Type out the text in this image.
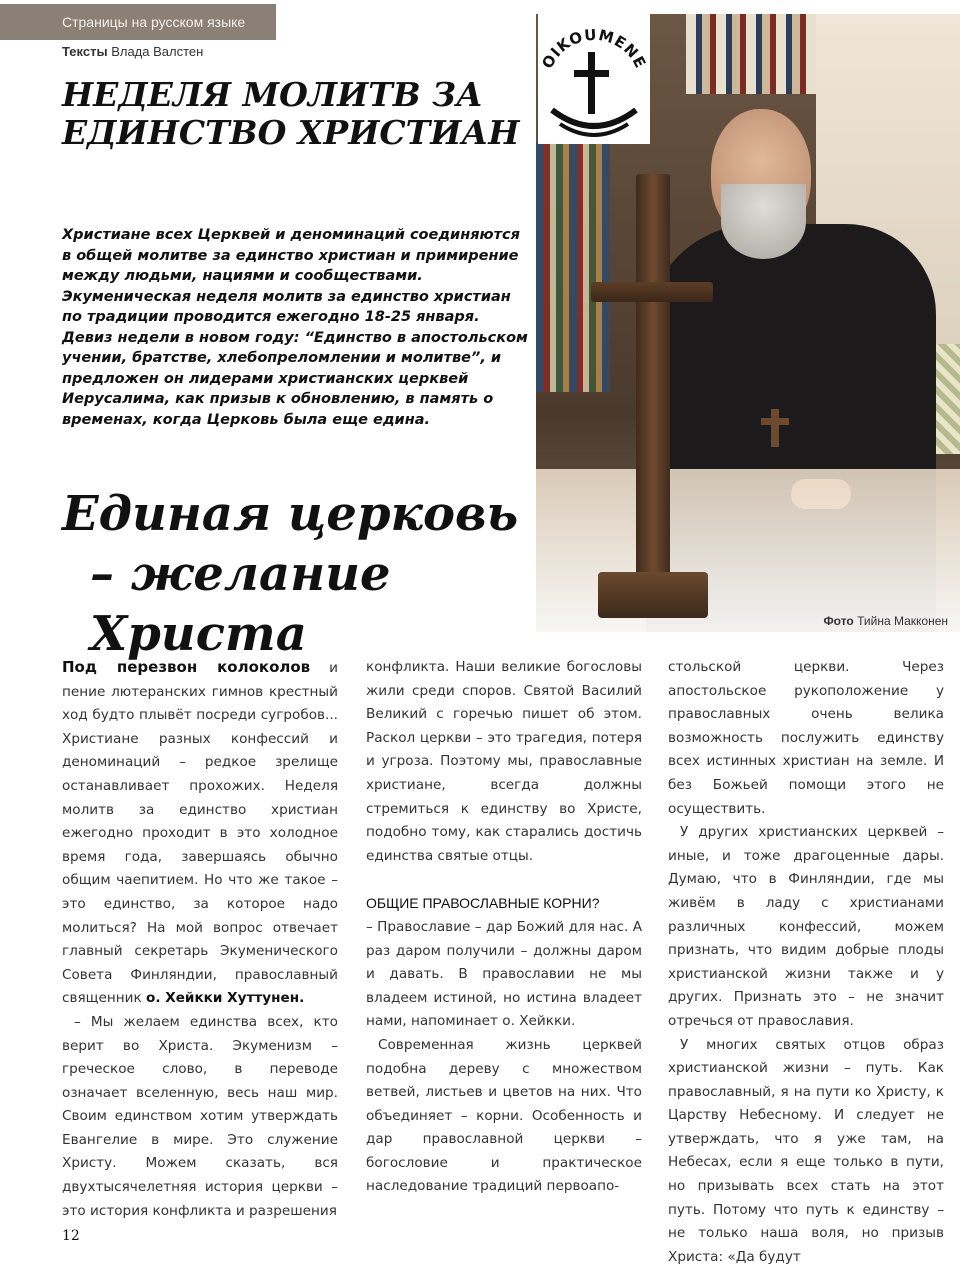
Страницы на русском языке
Тексты Влада Валстен
НЕДЕЛЯ МОЛИТВ ЗА
ЕДИНСТВО ХРИСТИАН

Христиане всех Церквей и деноминаций соединяются в общей молитве за единство христиан и примирение между людьми, нациями и сообществами. Экуменическая неделя молитв за единство христиан по традиции проводится ежегодно 18-25 января. Девиз недели в новом году: “Единство в апостольском учении, братстве, хлебопреломлении и молитве”, и предложен он лидерами христианских церквей Иерусалима, как призыв к обновлению, в память о временах, когда Церковь была еще едина.

Фото Тийна Макконен
OIKOUMENE
Единая церковь
– желание Христа

Под перезвон колоколов и пение лютеранских гимнов крестный ход будто плывёт посреди сугробов... Христиане разных конфессий и деноминаций – редкое зрелище останавливает прохожих. Неделя молитв за единство христиан ежегодно проходит в это холодное время года, завершаясь обычно общим чаепитием. Но что же такое – это единство, за которое надо молиться? На мой вопрос отвечает главный секретарь Экуменического Совета Финляндии, православный священник о. Хейкки Хуттунен.

– Мы желаем единства всех, кто верит во Христа. Экуменизм – греческое слово, в переводе означает вселенную, весь наш мир. Своим единством хотим утверждать Евангелие в мире. Это служение Христу. Можем сказать, вся двухтысячелетняя история церкви – это история конфликта и разрешения

конфликта. Наши великие богословы жили среди споров. Святой Василий Великий с горечью пишет об этом. Раскол церкви – это трагедия, потеря и угроза. Поэтому мы, православные христиане, всегда должны стремиться к единству во Христе, подобно тому, как старались достичь единства святые отцы.

ОБЩИЕ ПРАВОСЛАВНЫЕ КОРНИ?

– Православие – дар Божий для нас. А раз даром получили – должны даром и давать. В православии не мы владеем истиной, но истина владеет нами, напоминает о. Хейкки.

Современная жизнь церквей подобна дереву с множеством ветвей, листьев и цветов на них. Что объединяет – корни. Особенность и дар православной церкви – богословие и практическое наследование традиций первоапо-

стольской церкви. Через апостольское рукоположение у православных очень велика возможность послужить единству всех истинных христиан на земле. И без Божьей помощи этого не осуществить.

У других христианских церквей – иные, и тоже драгоценные дары. Думаю, что в Финляндии, где мы живём в ладу с христианами различных конфессий, можем признать, что видим добрые плоды христианской жизни также и у других. Признать это – не значит отречься от православия.

У многих святых отцов образ христианской жизни – путь. Как православный, я на пути ко Христу, к Царству Небесному. И следует не утверждать, что я уже там, на Небесах, если я еще только в пути, но призывать всех стать на этот путь. Потому что путь к единству – не только наша воля, но призыв Христа: «Да будут

12
